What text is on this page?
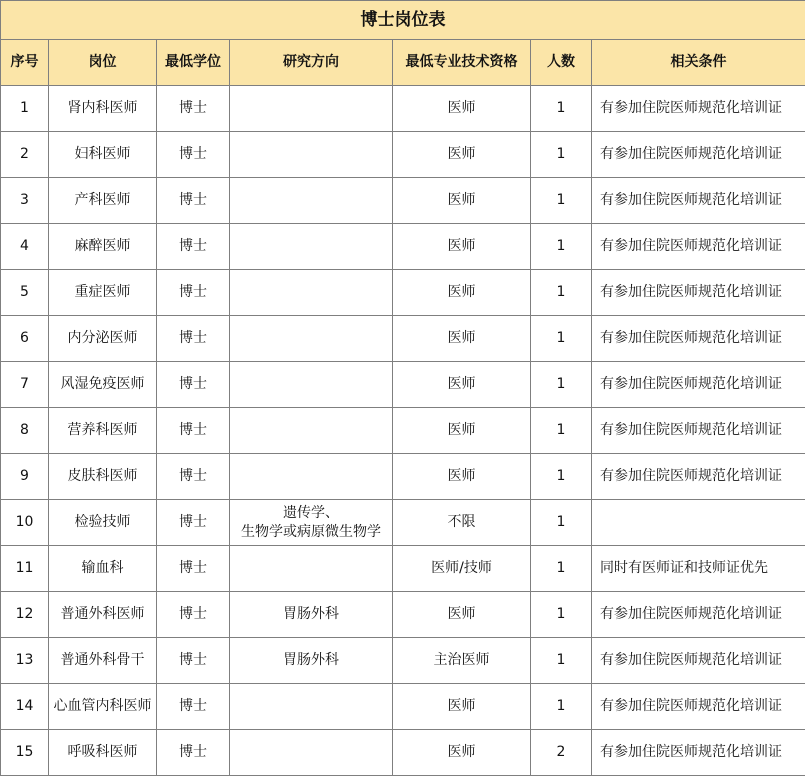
博士岗位表						
序号	岗位	最低学位	研究方向	最低专业技术资格	人数	相关条件
1	肾内科医师	博士		医师	1	有参加住院医师规范化培训证
2	妇科医师	博士		医师	1	有参加住院医师规范化培训证
3	产科医师	博士		医师	1	有参加住院医师规范化培训证
4	麻醉医师	博士		医师	1	有参加住院医师规范化培训证
5	重症医师	博士		医师	1	有参加住院医师规范化培训证
6	内分泌医师	博士		医师	1	有参加住院医师规范化培训证
7	风湿免疫医师	博士		医师	1	有参加住院医师规范化培训证
8	营养科医师	博士		医师	1	有参加住院医师规范化培训证
9	皮肤科医师	博士		医师	1	有参加住院医师规范化培训证
10	检验技师	博士	遗传学、
生物学或病原微生物学	不限	1	
11	输血科	博士		医师/技师	1	同时有医师证和技师证优先
12	普通外科医师	博士	胃肠外科	医师	1	有参加住院医师规范化培训证
13	普通外科骨干	博士	胃肠外科	主治医师	1	有参加住院医师规范化培训证
14	心血管内科医师	博士		医师	1	有参加住院医师规范化培训证
15	呼吸科医师	博士		医师	2	有参加住院医师规范化培训证
